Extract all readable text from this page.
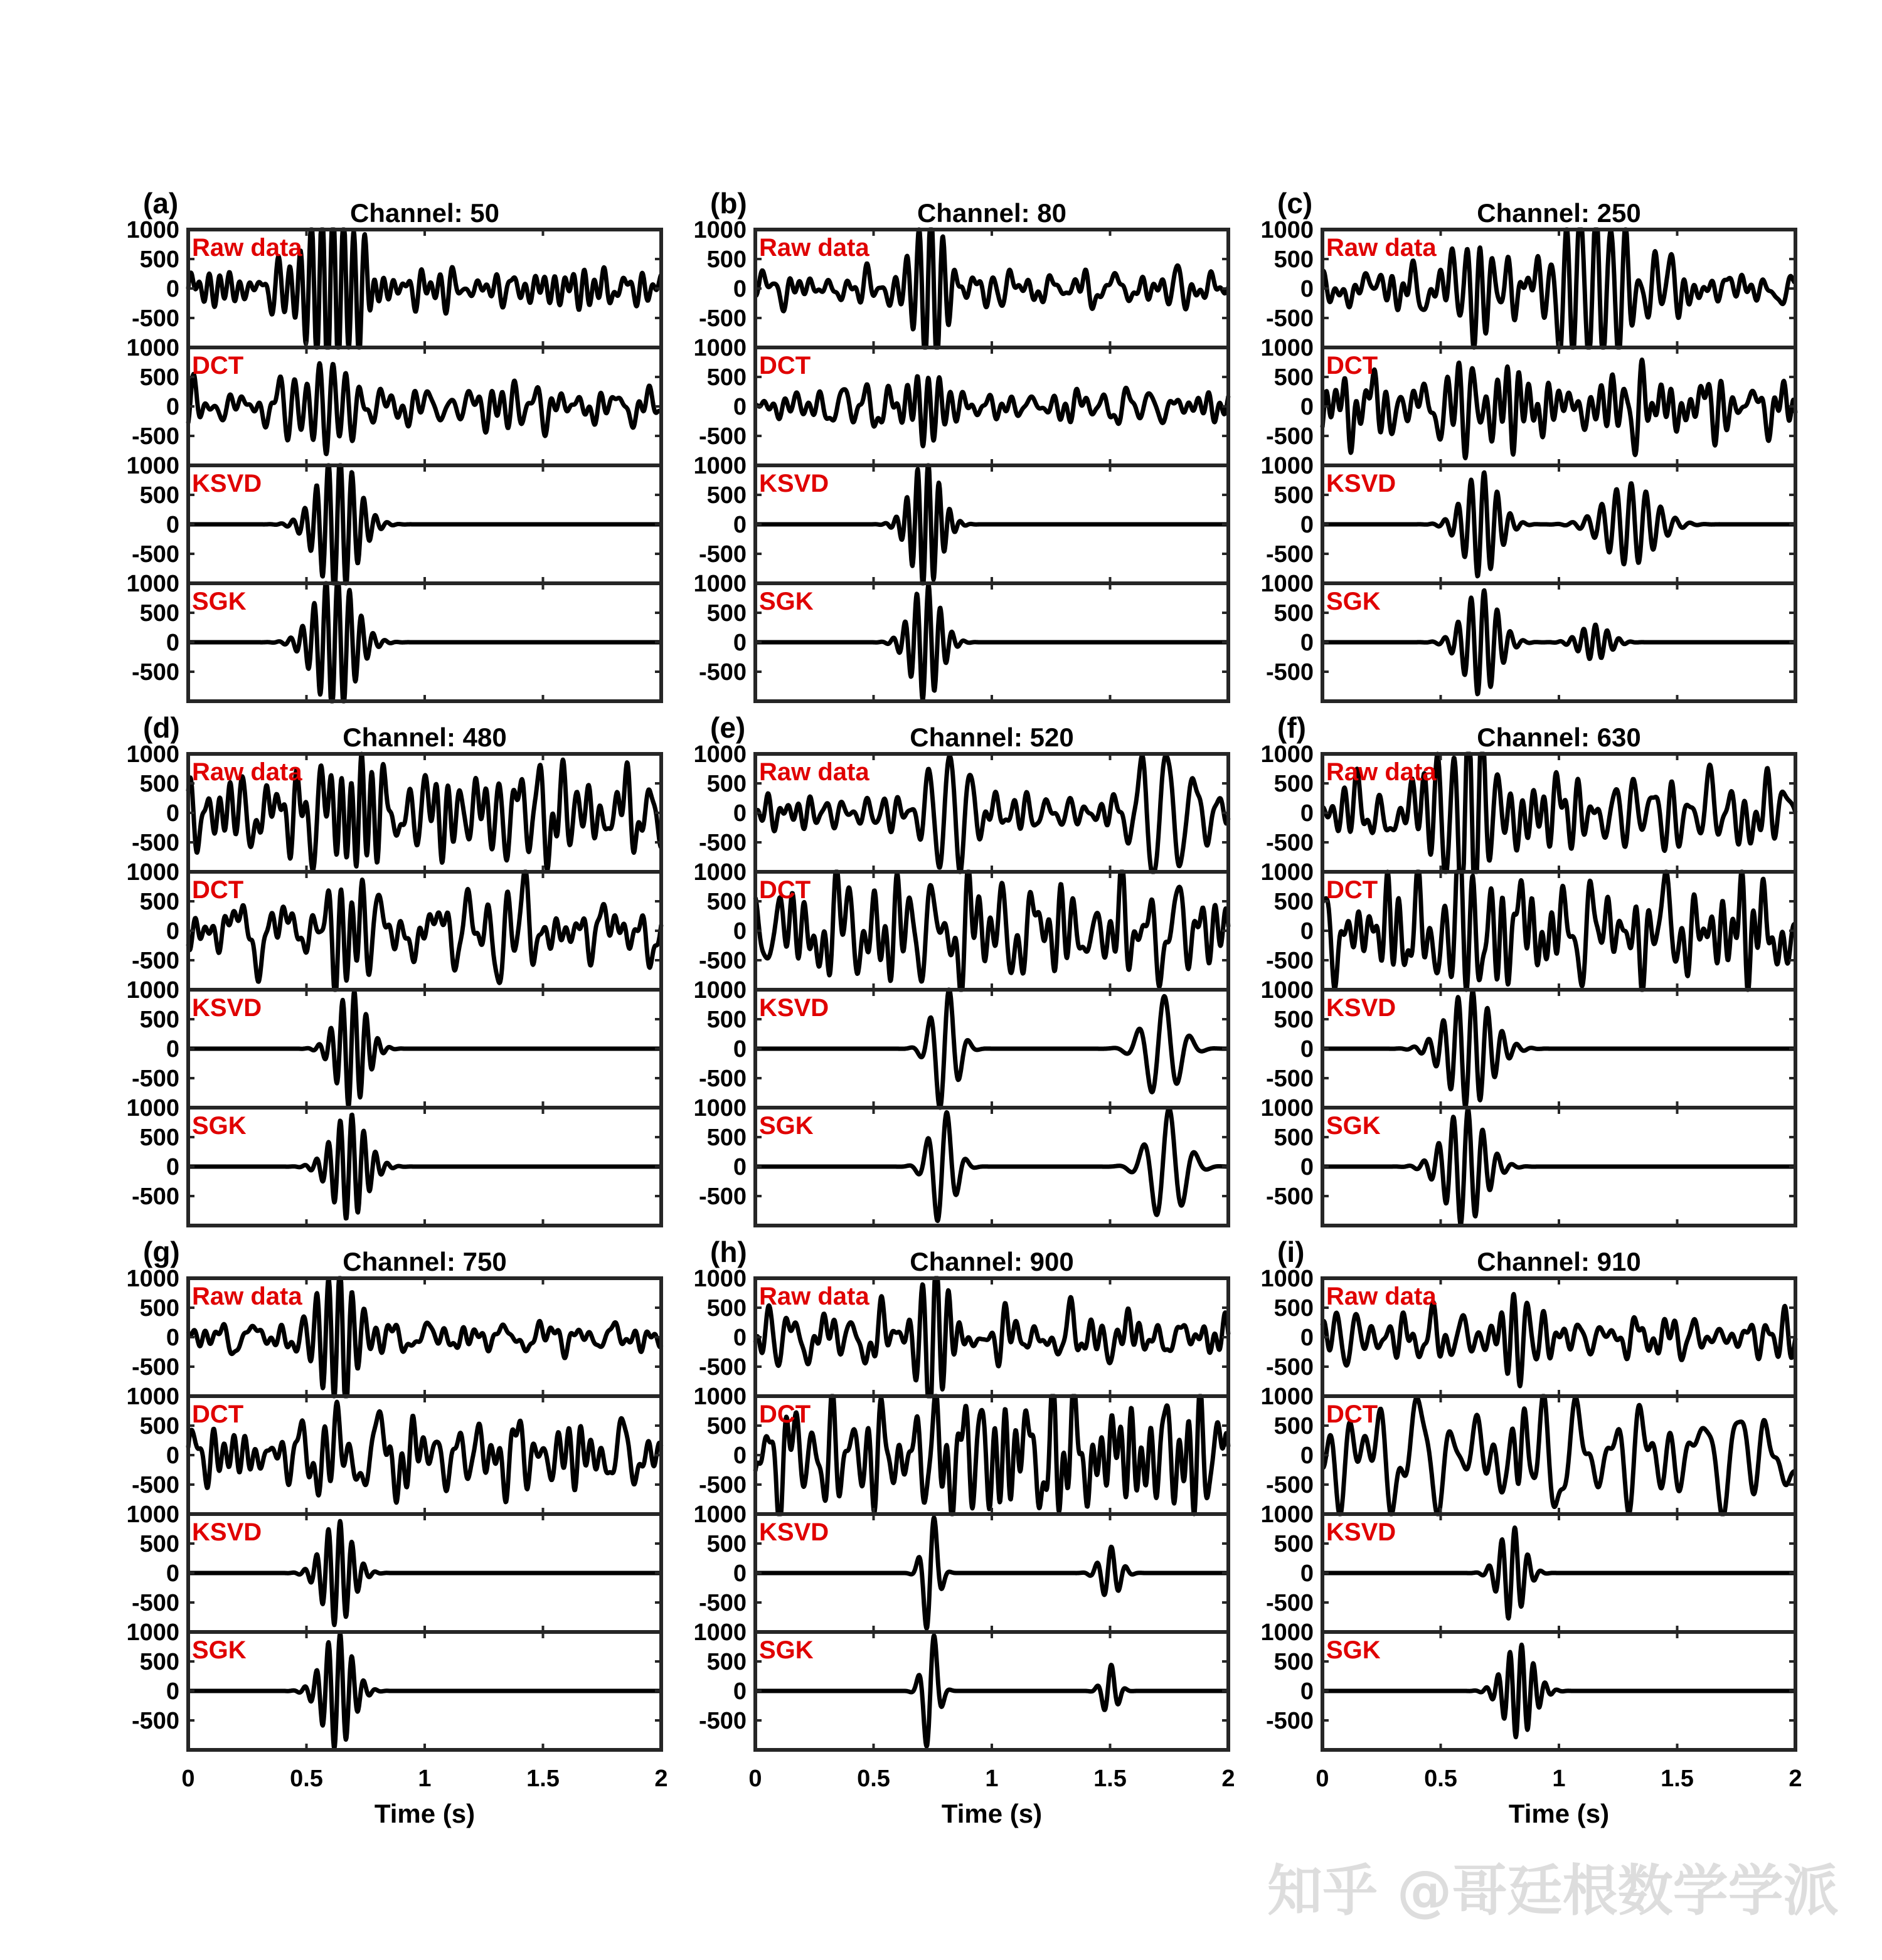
(a)	Channel: 50
1000
500
0
-500
Raw data
1000
500
0
-500
DCT
1000
500
0
-500
KSVD
1000
500
0
-500
SGK
(b)	Channel: 80
1000
500
0
-500
Raw data
1000
500
0
-500
DCT
1000
500
0
-500
KSVD
1000
500
0
-500
SGK
(c)	Channel: 250
1000
500
0
-500
Raw data
1000
500
0
-500
DCT
1000
500
0
-500
KSVD
1000
500
0
-500
SGK
(d)	Channel: 480
1000
500
0
-500
Raw data
1000
500
0
-500
DCT
1000
500
0
-500
KSVD
1000
500
0
-500
SGK
(e)	Channel: 520
1000
500
0
-500
Raw data
1000
500
0
-500
DCT
1000
500
0
-500
KSVD
1000
500
0
-500
SGK
(f)	Channel: 630
1000
500
0
-500
Raw data
1000
500
0
-500
DCT
1000
500
0
-500
KSVD
1000
500
0
-500
SGK
(g)	Channel: 750
1000
500
0
-500
Raw data
1000
500
0
-500
DCT
1000
500
0
-500
KSVD
1000
500
0
-500
SGK
0	0.5	1	1.5	2
Time (s)
(h)	Channel: 900
1000
500
0
-500
Raw data
1000
500
0
-500
DCT
1000
500
0
-500
KSVD
1000
500
0
-500
SGK
0	0.5	1	1.5	2
Time (s)
(i)	Channel: 910
1000
500
0
-500
Raw data
1000
500
0
-500
DCT
1000
500
0
-500
KSVD
1000
500
0
-500
SGK
0	0.5	1	1.5	2
Time (s)
知乎 @哥廷根数学学派
